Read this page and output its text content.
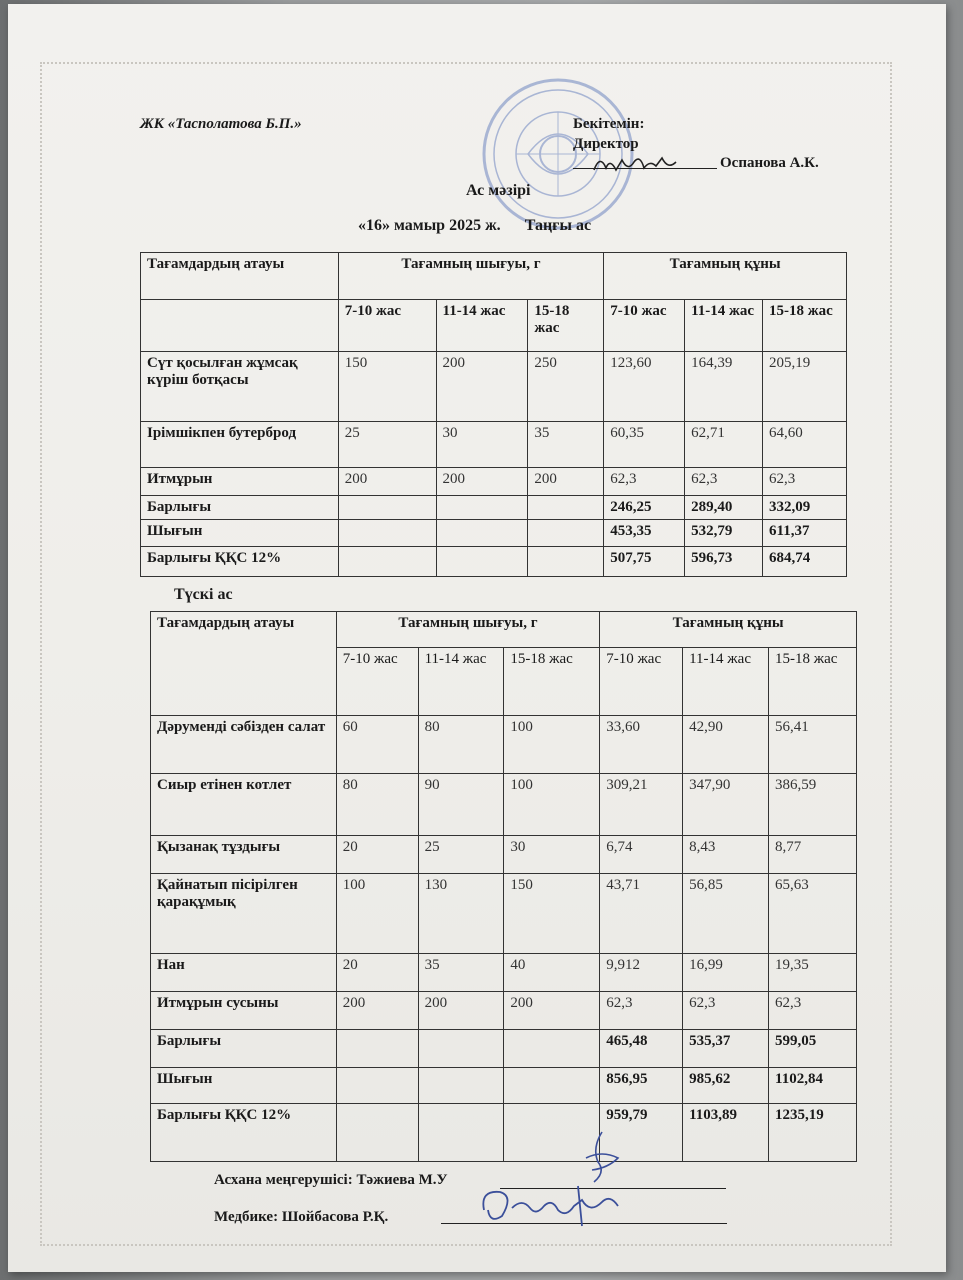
ЖК «Тасполатова Б.П.»	Бекітемін:
Директор
Оспанова А.К.
Ас мәзірі
«16» мамыр 2025 ж. Таңғы ас
Тағамдардың атауы	Тағамның шығуы, г			Тағамның құны		
	7-10 жас	11-14 жас	15-18 жас	7-10 жас	11-14 жас	15-18 жас
Сүт қосылған жұмсақ күріш ботқасы	150	200	250	123,60	164,39	205,19
Ірімшікпен бутерброд	25	30	35	60,35	62,71	64,60
Итмұрын	200	200	200	62,3	62,3	62,3
Барлығы				246,25	289,40	332,09
Шығын				453,35	532,79	611,37
Барлығы ҚҚС 12%				507,75	596,73	684,74
Түскі ас
Тағамдардың атауы	Тағамның шығуы, г			Тағамның құны		
	7-10 жас	11-14 жас	15-18 жас	7-10 жас	11-14 жас	15-18 жас
Дәруменді сәбізден салат	60	80	100	33,60	42,90	56,41
Сиыр етінен котлет	80	90	100	309,21	347,90	386,59
Қызанақ тұздығы	20	25	30	6,74	8,43	8,77
Қайнатып пісірілген қарақұмық	100	130	150	43,71	56,85	65,63
Нан	20	35	40	9,912	16,99	19,35
Итмұрын сусыны	200	200	200	62,3	62,3	62,3
Барлығы				465,48	535,37	599,05
Шығын				856,95	985,62	1102,84
Барлығы ҚҚС 12%				959,79	1103,89	1235,19
Асхана меңгерушісі: Тәжиева М.У
Медбике: Шойбасова Р.Қ.
